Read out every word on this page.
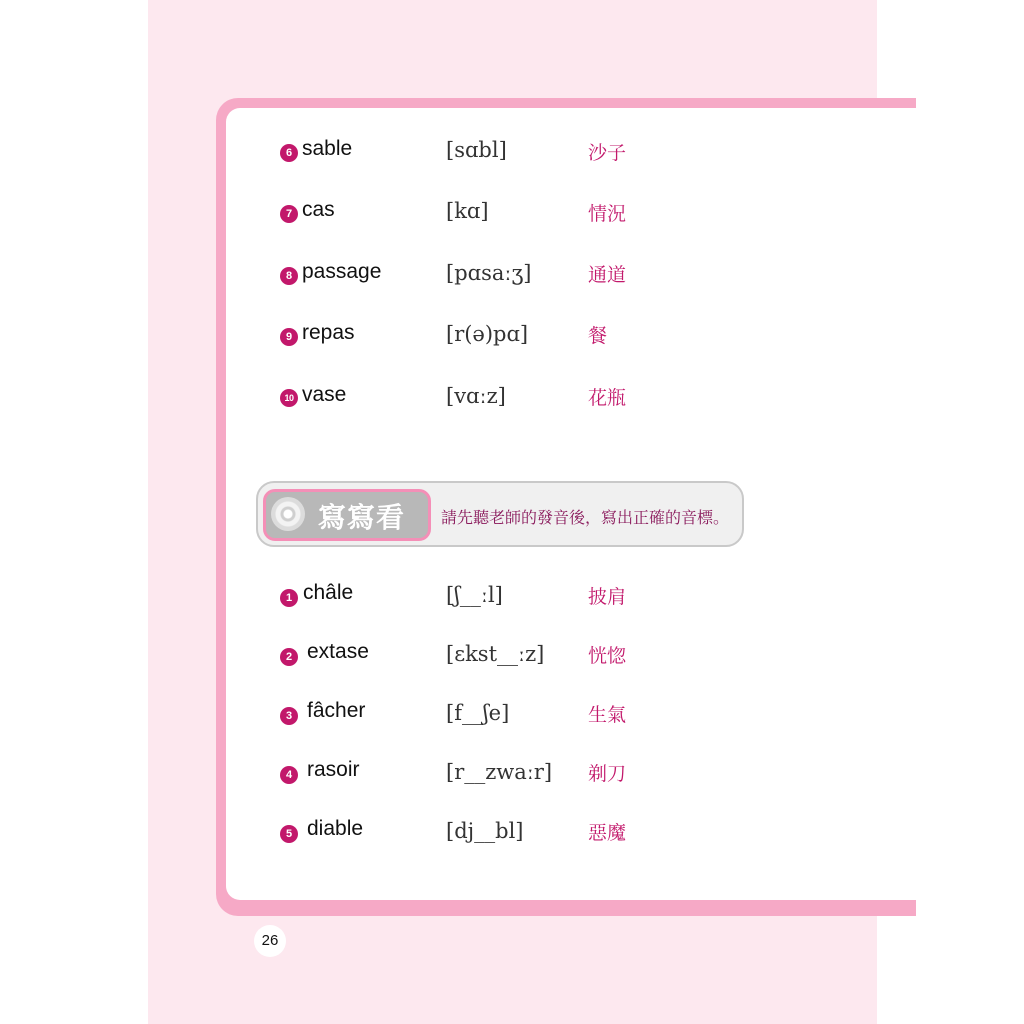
6 sable	[sɑbl]	沙子
7 cas	[kɑ]	情況
8 passage	[pɑsaːʒ]	通道
9 repas	[r(ə)pɑ]	餐
10 vase	[vɑːz]	花瓶
寫寫看 請先聽老師的發音後，寫出正確的音標。
1 châle	[ʃ__ːl]	披肩
2 extase	[ɛkst__ːz] 恍惚
3 fâcher	[f__ʃe]	生氣
4 rasoir	[r__zwaːr] 剃刀
5 diable	[dj__bl]	惡魔
26
